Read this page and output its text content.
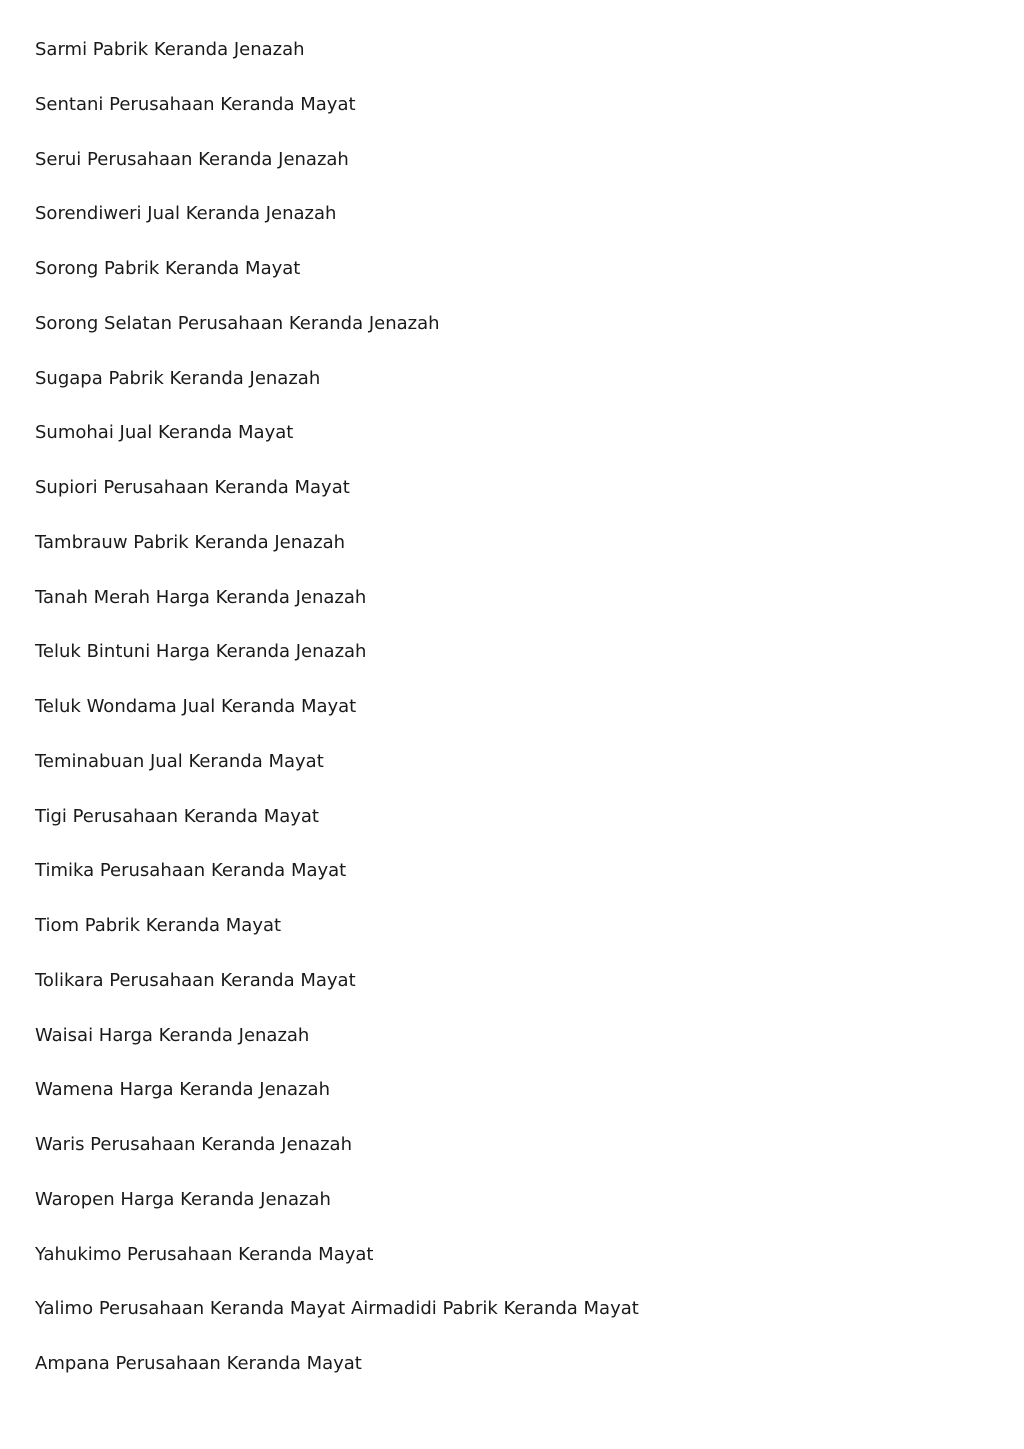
Sarmi Pabrik Keranda Jenazah
Sentani Perusahaan Keranda Mayat
Serui Perusahaan Keranda Jenazah
Sorendiweri Jual Keranda Jenazah
Sorong Pabrik Keranda Mayat
Sorong Selatan Perusahaan Keranda Jenazah
Sugapa Pabrik Keranda Jenazah
Sumohai Jual Keranda Mayat
Supiori Perusahaan Keranda Mayat
Tambrauw Pabrik Keranda Jenazah
Tanah Merah Harga Keranda Jenazah
Teluk Bintuni Harga Keranda Jenazah
Teluk Wondama Jual Keranda Mayat
Teminabuan Jual Keranda Mayat
Tigi Perusahaan Keranda Mayat
Timika Perusahaan Keranda Mayat
Tiom Pabrik Keranda Mayat
Tolikara Perusahaan Keranda Mayat
Waisai Harga Keranda Jenazah
Wamena Harga Keranda Jenazah
Waris Perusahaan Keranda Jenazah
Waropen Harga Keranda Jenazah
Yahukimo Perusahaan Keranda Mayat
Yalimo Perusahaan Keranda Mayat Airmadidi Pabrik Keranda Mayat
Ampana Perusahaan Keranda Mayat
